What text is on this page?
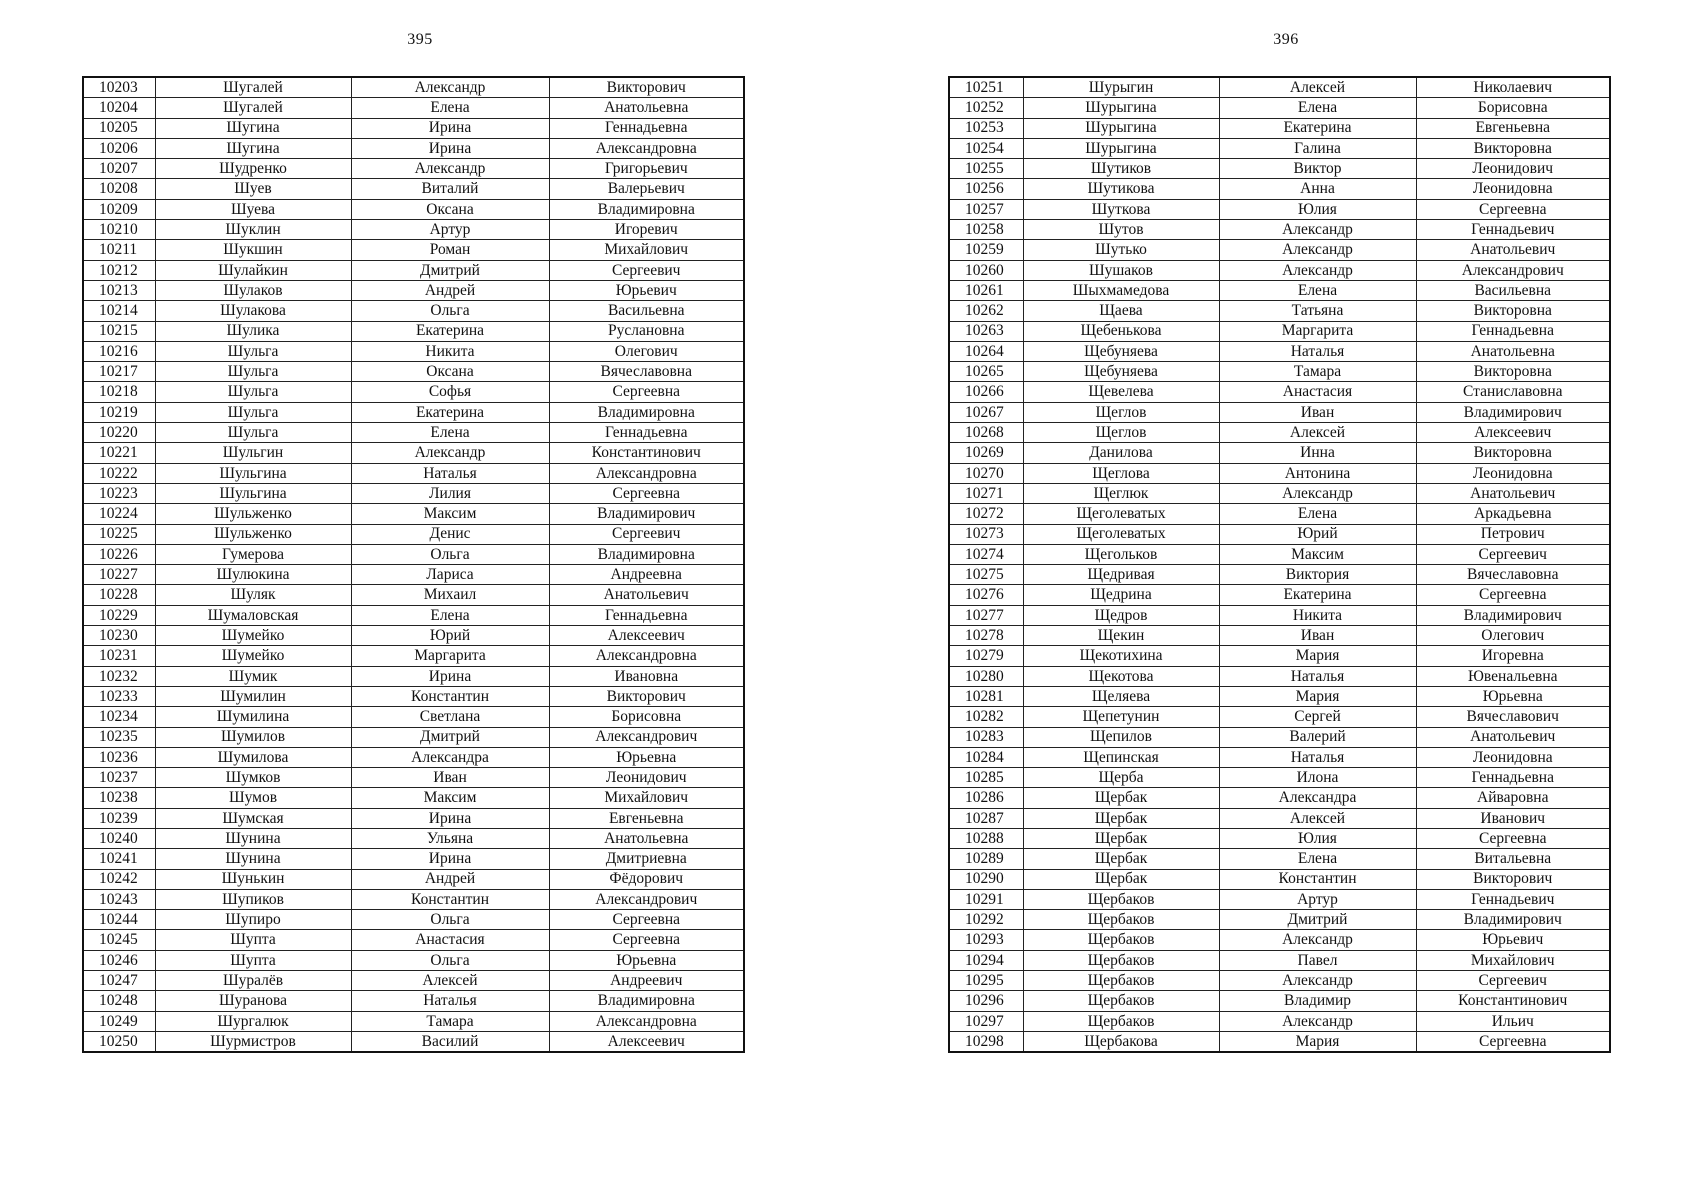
395	396
10203	Шугалей	Александр	Викторович
10204	Шугалей	Елена	Анатольевна
10205	Шугина	Ирина	Геннадьевна
10206	Шугина	Ирина	Александровна
10207	Шудренко	Александр	Григорьевич
10208	Шуев	Виталий	Валерьевич
10209	Шуева	Оксана	Владимировна
10210	Шуклин	Артур	Игоревич
10211	Шукшин	Роман	Михайлович
10212	Шулайкин	Дмитрий	Сергеевич
10213	Шулаков	Андрей	Юрьевич
10214	Шулакова	Ольга	Васильевна
10215	Шулика	Екатерина	Руслановна
10216	Шульга	Никита	Олегович
10217	Шульга	Оксана	Вячеславовна
10218	Шульга	Софья	Сергеевна
10219	Шульга	Екатерина	Владимировна
10220	Шульга	Елена	Геннадьевна
10221	Шульгин	Александр	Константинович
10222	Шульгина	Наталья	Александровна
10223	Шульгина	Лилия	Сергеевна
10224	Шульженко	Максим	Владимирович
10225	Шульженко	Денис	Сергеевич
10226	Гумерова	Ольга	Владимировна
10227	Шулюкина	Лариса	Андреевна
10228	Шуляк	Михаил	Анатольевич
10229	Шумаловская	Елена	Геннадьевна
10230	Шумейко	Юрий	Алексеевич
10231	Шумейко	Маргарита	Александровна
10232	Шумик	Ирина	Ивановна
10233	Шумилин	Константин	Викторович
10234	Шумилина	Светлана	Борисовна
10235	Шумилов	Дмитрий	Александрович
10236	Шумилова	Александра	Юрьевна
10237	Шумков	Иван	Леонидович
10238	Шумов	Максим	Михайлович
10239	Шумская	Ирина	Евгеньевна
10240	Шунина	Ульяна	Анатольевна
10241	Шунина	Ирина	Дмитриевна
10242	Шунькин	Андрей	Фёдорович
10243	Шупиков	Константин	Александрович
10244	Шупиро	Ольга	Сергеевна
10245	Шупта	Анастасия	Сергеевна
10246	Шупта	Ольга	Юрьевна
10247	Шуралёв	Алексей	Андреевич
10248	Шуранова	Наталья	Владимировна
10249	Шургалюк	Тамара	Александровна
10250	Шурмистров	Василий	Алексеевич
10251	Шурыгин	Алексей	Николаевич
10252	Шурыгина	Елена	Борисовна
10253	Шурыгина	Екатерина	Евгеньевна
10254	Шурыгина	Галина	Викторовна
10255	Шутиков	Виктор	Леонидович
10256	Шутикова	Анна	Леонидовна
10257	Шуткова	Юлия	Сергеевна
10258	Шутов	Александр	Геннадьевич
10259	Шутько	Александр	Анатольевич
10260	Шушаков	Александр	Александрович
10261	Шыхмамедова	Елена	Васильевна
10262	Щаева	Татьяна	Викторовна
10263	Щебенькова	Маргарита	Геннадьевна
10264	Щебуняева	Наталья	Анатольевна
10265	Щебуняева	Тамара	Викторовна
10266	Щевелева	Анастасия	Станиславовна
10267	Щеглов	Иван	Владимирович
10268	Щеглов	Алексей	Алексеевич
10269	Данилова	Инна	Викторовна
10270	Щеглова	Антонина	Леонидовна
10271	Щеглюк	Александр	Анатольевич
10272	Щеголеватых	Елена	Аркадьевна
10273	Щеголеватых	Юрий	Петрович
10274	Щегольков	Максим	Сергеевич
10275	Щедривая	Виктория	Вячеславовна
10276	Щедрина	Екатерина	Сергеевна
10277	Щедров	Никита	Владимирович
10278	Щекин	Иван	Олегович
10279	Щекотихина	Мария	Игоревна
10280	Щекотова	Наталья	Ювенальевна
10281	Щеляева	Мария	Юрьевна
10282	Щепетунин	Сергей	Вячеславович
10283	Щепилов	Валерий	Анатольевич
10284	Щепинская	Наталья	Леонидовна
10285	Щерба	Илона	Геннадьевна
10286	Щербак	Александра	Айваровна
10287	Щербак	Алексей	Иванович
10288	Щербак	Юлия	Сергеевна
10289	Щербак	Елена	Витальевна
10290	Щербак	Константин	Викторович
10291	Щербаков	Артур	Геннадьевич
10292	Щербаков	Дмитрий	Владимирович
10293	Щербаков	Александр	Юрьевич
10294	Щербаков	Павел	Михайлович
10295	Щербаков	Александр	Сергеевич
10296	Щербаков	Владимир	Константинович
10297	Щербаков	Александр	Ильич
10298	Щербакова	Мария	Сергеевна
